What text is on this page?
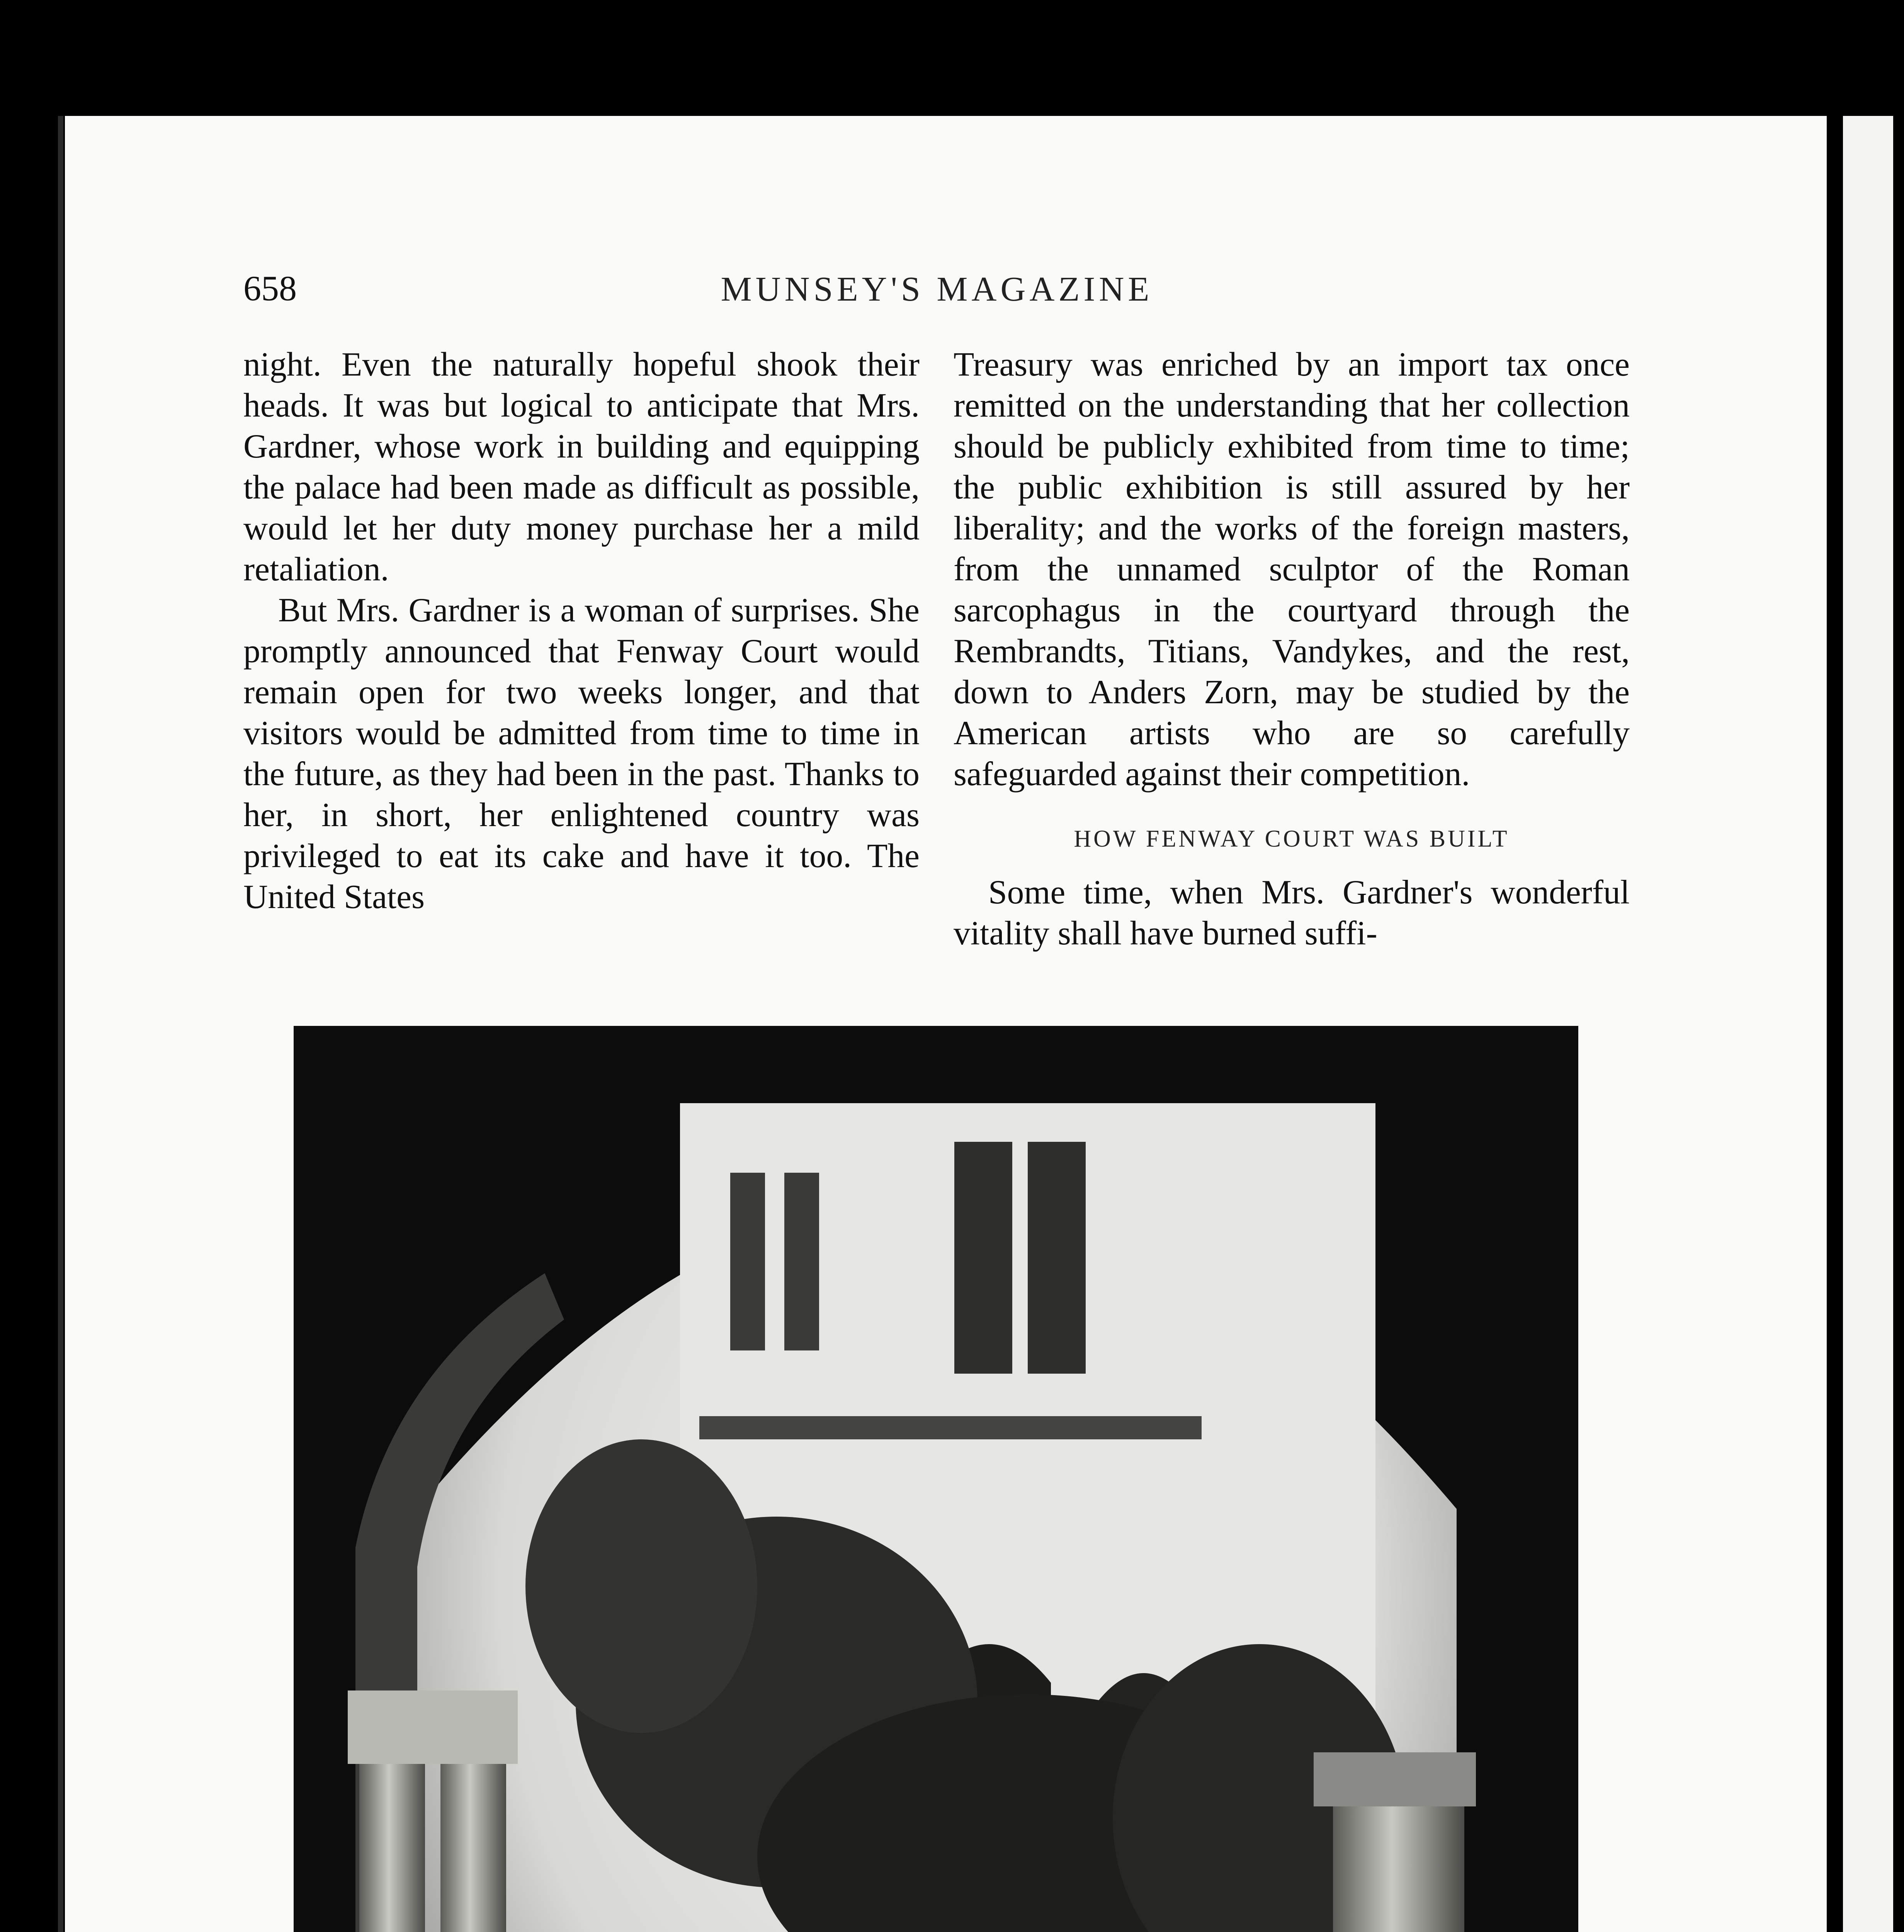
658	MUNSEY'S MAGAZINE

night. Even the naturally hopeful shook their heads. It was but logical to anticipate that Mrs. Gardner, whose work in building and equipping the palace had been made as difficult as possible, would let her duty money purchase her a mild retaliation.

But Mrs. Gardner is a woman of surprises. She promptly announced that Fenway Court would remain open for two weeks longer, and that visitors would be admitted from time to time in the future, as they had been in the past. Thanks to her, in short, her enlightened country was privileged to eat its cake and have it too. The United States

Treasury was enriched by an import tax once remitted on the understanding that her collection should be publicly exhibited from time to time; the public exhibition is still assured by her liberality; and the works of the foreign masters, from the unnamed sculptor of the Roman sarcophagus in the courtyard through the Rembrandts, Titians, Vandykes, and the rest, down to Anders Zorn, may be studied by the American artists who are so carefully safeguarded against their competition.

HOW FENWAY COURT WAS BUILT

Some time, when Mrs. Gardner's wonderful vitality shall have burned suffi-
